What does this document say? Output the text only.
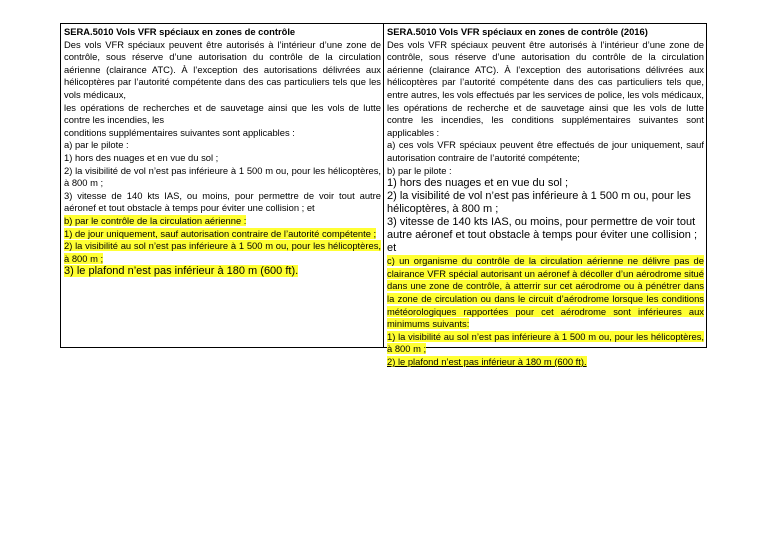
SERA.5010 Vols VFR spéciaux en zones de contrôle

Des vols VFR spéciaux peuvent être autorisés à l’intérieur d’une zone de contrôle, sous réserve d’une autorisation du contrôle de la circulation aérienne (clairance ATC). À l’exception des autorisations délivrées aux hélicoptères par l’autorité compétente dans des cas particuliers tels que les vols médicaux,

les opérations de recherches et de sauvetage ainsi que les vols de lutte contre les incendies, les

conditions supplémentaires suivantes sont applicables :

a) par le pilote :

1) hors des nuages et en vue du sol ;

2) la visibilité de vol n’est pas inférieure à 1 500 m ou, pour les hélicoptères, à 800 m ;

3) vitesse de 140 kts IAS, ou moins, pour permettre de voir tout autre aéronef et tout obstacle à temps pour éviter une collision ; et

b) par le contrôle de la circulation aérienne :

1) de jour uniquement, sauf autorisation contraire de l’autorité compétente ;

2) la visibilité au sol n’est pas inférieure à 1 500 m ou, pour les hélicoptères, à 800 m ;

3) le plafond n’est pas inférieur à 180 m (600 ft).

SERA.5010 Vols VFR spéciaux en zones de contrôle (2016)

Des vols VFR spéciaux peuvent être autorisés à l’intérieur d’une zone de contrôle, sous réserve d’une autorisation du contrôle de la circulation aérienne (clairance ATC). À l’exception des autorisations délivrées aux hélicoptères par l’autorité compétente dans des cas particuliers tels que, entre autres, les vols effectués par les services de police, les vols médicaux, les opérations de recherche et de sauvetage ainsi que les vols de lutte contre les incendies, les conditions supplémentaires suivantes sont applicables :

a) ces vols VFR spéciaux peuvent être effectués de jour uniquement, sauf autorisation contraire de l’autorité compétente;

b) par le pilote :

1) hors des nuages et en vue du sol ;

2) la visibilité de vol n’est pas inférieure à 1 500 m ou, pour les hélicoptères, à 800 m ;

3) vitesse de 140 kts IAS, ou moins, pour permettre de voir tout autre aéronef et tout obstacle à temps pour éviter une collision ;

et

c) un organisme du contrôle de la circulation aérienne ne délivre pas de clairance VFR spécial autorisant un aéronef à décoller d’un aérodrome situé dans une zone de contrôle, à atterrir sur cet aérodrome ou à pénétrer dans la zone de circulation ou dans le circuit d’aérodrome lorsque les conditions météorologiques rapportées pour cet aérodrome sont inférieures aux minimums suivants:

1) la visibilité au sol n’est pas inférieure à 1 500 m ou, pour les hélicoptères, à 800 m ;

2) le plafond n’est pas inférieur à 180 m (600 ft).
